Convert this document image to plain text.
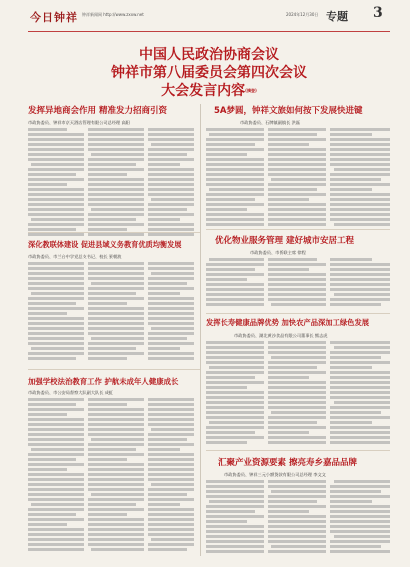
今日钟祥 钟祥新闻网 http://www.zxxw.net	2024年12月30日 专题 3
中国人民政治协商会议
钟祥市第八届委员会第四次会议
大会发言内容(摘登)
发挥异地商会作用 精准发力招商引资
市政协委员、钟祥市京天酒店管理有限公司总经理 高阳
5A梦圆，钟祥文旅如何按下发展快进键
市政协委员、石牌镇副镇长 洪磊
深化教联体建设 促进县域义务教育优质均衡发展
市政协委员、市兰台中学党总支书记、校长 景朝波
优化物业服务管理 建好城市安居工程
市政协委员、市侨联主席 徐程
发挥长寿健康品牌优势 加快农产品深加工绿色发展
市政协委员、湖北黄沙食品有限公司董事长 熊志虎
加强学校法治教育工作 护航未成年人健康成长
市政协委员、市公安局督察大队副大队长 成虹
汇聚产业资源要素 擦亮寿乡嘉品品牌
市政协委员、钟祥三元小额贷款有限公司总经理 李文文
